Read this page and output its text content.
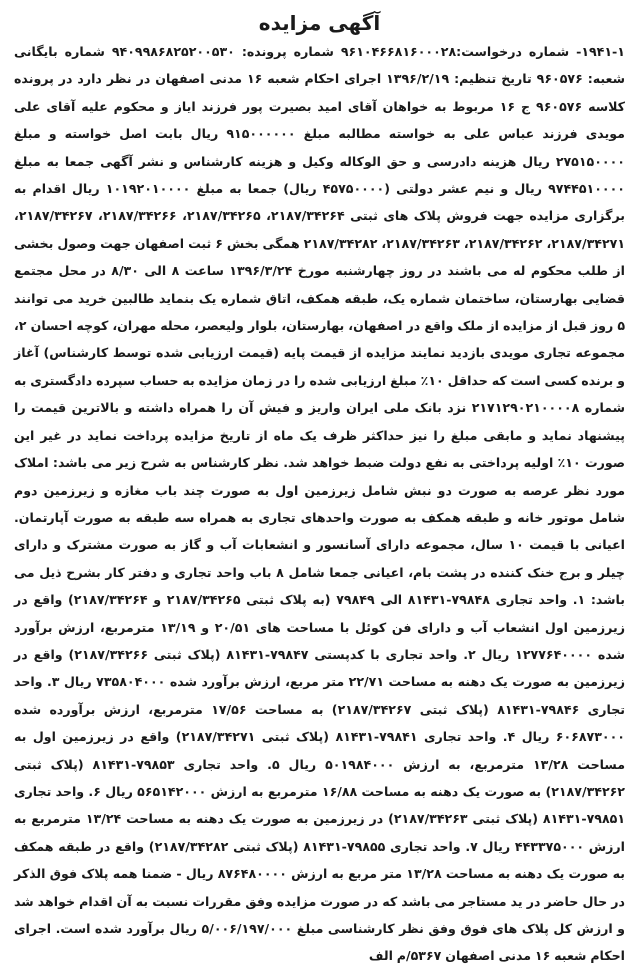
آگهی مزایده

۱۹۴۱-۱- شماره درخواست:۹۶۱۰۴۶۶۸۱۶۰۰۰۲۸ شماره پرونده: ۹۴۰۹۹۸۶۸۲۵۲۰۰۵۳۰ شماره بایگانی شعبه: ۹۶۰۵۷۶ تاریخ تنظیم: ۱۳۹۶/۲/۱۹ اجرای احکام شعبه ۱۶ مدنی اصفهان در نظر دارد در پرونده کلاسه ۹۶۰۵۷۶ ج ۱۶ مربوط به خواهان آقای امید بصیرت پور فرزند ایاز و محکوم علیه آقای علی مویدی فرزند عباس علی به خواسته مطالبه مبلغ ۹۱۵۰۰۰۰۰۰ ریال بابت اصل خواسته و مبلغ ۲۷۵۱۵۰۰۰۰ ریال هزینه دادرسی و حق الوکاله وکیل و هزینه کارشناس و نشر آگهی جمعا به مبلغ ۹۷۴۴۵۱۰۰۰۰ ریال و نیم عشر دولتی (۴۵۷۵۰۰۰۰ ریال) جمعا به مبلغ ۱۰۱۹۲۰۱۰۰۰۰ ریال اقدام به برگزاری مزایده جهت فروش پلاک های ثبتی ۲۱۸۷/۳۴۲۶۴، ۲۱۸۷/۳۴۲۶۵، ۲۱۸۷/۳۴۲۶۶، ۲۱۸۷/۳۴۲۶۷، ۲۱۸۷/۳۴۲۷۱، ۲۱۸۷/۳۴۲۶۲، ۲۱۸۷/۳۴۲۶۳، ۲۱۸۷/۳۴۲۸۲ همگی بخش ۶ ثبت اصفهان جهت وصول بخشی از طلب محکوم له می باشند در روز چهارشنبه مورخ ۱۳۹۶/۳/۲۴ ساعت ۸ الی ۸/۳۰ در محل مجتمع قضایی بهارستان، ساختمان شماره یک، طبقه همکف، اتاق شماره یک بنماید طالبین خرید می توانند ۵ روز قبل از مزایده از ملک واقع در اصفهان، بهارستان، بلوار ولیعصر، محله مهران، کوچه احسان ۲، مجموعه تجاری مویدی بازدید نمایند مزایده از قیمت پایه (قیمت ارزیابی شده توسط کارشناس) آغاز و برنده کسی است که حداقل ۱۰٪ مبلغ ارزیابی شده را در زمان مزایده به حساب سپرده دادگستری به شماره ۲۱۷۱۲۹۰۲۱۰۰۰۰۸ نزد بانک ملی ایران واریز و فیش آن را همراه داشته و بالاترین قیمت را پیشنهاد نماید و مابقی مبلغ را نیز حداکثر ظرف یک ماه از تاریخ مزایده پرداخت نماید در غیر این صورت ۱۰٪ اولیه پرداختی به نفع دولت ضبط خواهد شد. نظر کارشناس به شرح زیر می باشد: املاک مورد نظر عرصه به صورت دو نبش شامل زیرزمین اول به صورت چند باب مغازه و زیرزمین دوم شامل موتور خانه و طبقه همکف به صورت واحدهای تجاری به همراه سه طبقه به صورت آپارتمان. اعیانی با قیمت ۱۰ سال، مجموعه دارای آسانسور و انشعابات آب و گاز به صورت مشترک و دارای چیلر و برج خنک کننده در پشت بام، اعیانی جمعا شامل ۸ باب واحد تجاری و دفتر کار بشرح ذیل می باشد: ۱. واحد تجاری ۷۹۸۴۸-۸۱۴۳۱ الی ۷۹۸۴۹ (به پلاک ثبتی ۲۱۸۷/۳۴۲۶۵ و ۲۱۸۷/۳۴۲۶۴) واقع در زیرزمین اول انشعاب آب و دارای فن کوئل با مساحت های ۲۰/۵۱ و ۱۳/۱۹ مترمربع، ارزش برآورد شده ۱۲۷۷۶۴۰۰۰۰ ریال ۲. واحد تجاری با کدپستی ۷۹۸۴۷-۸۱۴۳۱ (پلاک ثبتی ۲۱۸۷/۳۴۲۶۶) واقع در زیرزمین به صورت یک دهنه به مساحت ۲۲/۷۱ متر مربع، ارزش برآورد شده ۷۳۵۸۰۴۰۰۰ ریال ۳. واحد تجاری ۷۹۸۴۶-۸۱۴۳۱ (پلاک ثبتی ۲۱۸۷/۳۴۲۶۷) به مساحت ۱۷/۵۶ مترمربع، ارزش برآورده شده ۶۰۶۸۷۳۰۰۰ ریال ۴. واحد تجاری ۷۹۸۴۱-۸۱۴۳۱ (پلاک ثبتی ۲۱۸۷/۳۴۲۷۱) واقع در زیرزمین اول به مساحت ۱۳/۲۸ مترمربع، به ارزش ۵۰۱۹۸۴۰۰۰ ریال ۵. واحد تجاری ۷۹۸۵۳-۸۱۴۳۱ (پلاک ثبتی ۲۱۸۷/۳۴۲۶۲) به صورت یک دهنه به مساحت ۱۶/۸۸ مترمربع به ارزش ۵۶۵۱۴۲۰۰۰ ریال ۶. واحد تجاری ۷۹۸۵۱-۸۱۴۳۱ (پلاک ثبتی ۲۱۸۷/۳۴۲۶۳) در زیرزمین به صورت یک دهنه به مساحت ۱۳/۲۴ مترمربع به ارزش ۴۴۳۳۷۵۰۰۰ ریال ۷. واحد تجاری ۷۹۸۵۵-۸۱۴۳۱ (پلاک ثبتی ۲۱۸۷/۳۴۲۸۲) واقع در طبقه همکف به صورت یک دهنه به مساحت ۱۳/۲۸ متر مربع به ارزش ۸۷۶۴۸۰۰۰۰ ریال - ضمنا همه پلاک فوق الذکر در حال حاضر در ید مستاجر می باشد که در صورت مزایده وفق مقررات نسبت به آن اقدام خواهد شد و ارزش کل پلاک های فوق وفق نظر کارشناسی مبلغ ۵/۰۰۶/۱۹۷/۰۰۰ ریال برآورد شده است. اجرای احکام شعبه ۱۶ مدنی اصفهان ۵۳۶۷/م الف
